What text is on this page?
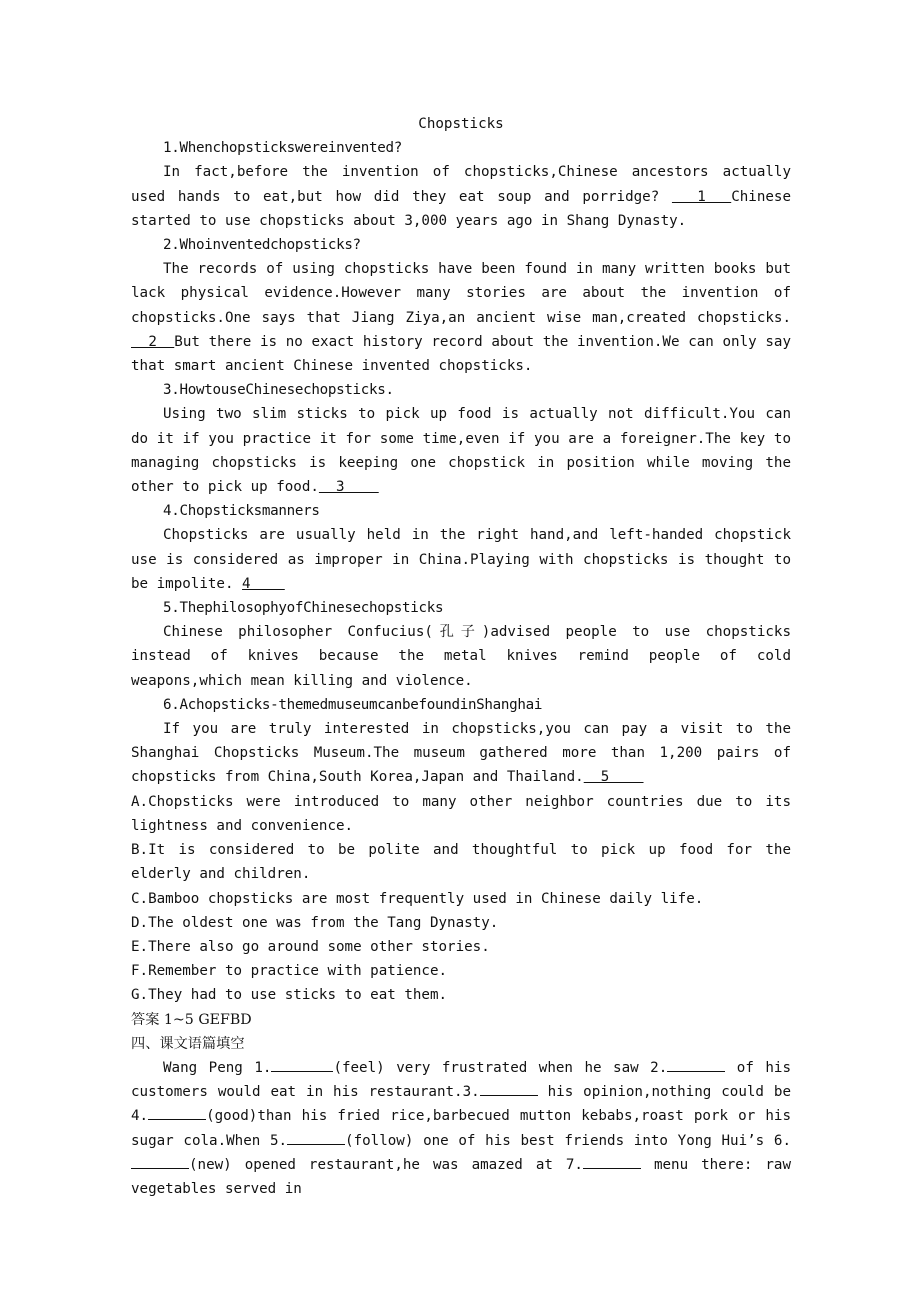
Chopsticks
1.Whenchopstickswereinvented?
In fact,before the invention of chopsticks,Chinese ancestors actually used hands to eat,but how did they eat soup and porridge?   1  Chinese started to use chopsticks about 3,000 years ago in Shang Dynasty.
2.Whoinventedchopsticks?
The records of using chopsticks have been found in many written books but lack physical evidence.However many stories are about the invention of chopsticks.One says that Jiang Ziya,an ancient wise man,created chopsticks.  2  But there is no exact history record about the invention.We can only say that smart ancient Chinese invented chopsticks.
3.HowtouseChinesechopsticks.
Using two slim sticks to pick up food is actually not difficult.You can do it if you practice it for some time,even if you are a foreigner.The key to managing chopsticks is keeping one chopstick in position while moving the other to pick up food.  3
4.Chopsticksmanners
Chopsticks are usually held in the right hand,and left-handed chopstick use is considered as improper in China.Playing with chopsticks is thought to be impolite. 4
5.ThephilosophyofChinesechopsticks
Chinese philosopher Confucius(孔子)advised people to use chopsticks instead of knives because the metal knives remind people of cold weapons,which mean killing and violence.
6.Achopsticks-themedmuseumcanbefoundinShanghai
If you are truly interested in chopsticks,you can pay a visit to the Shanghai Chopsticks Museum.The museum gathered more than 1,200 pairs of chopsticks from China,South Korea,Japan and Thailand.  5
A.Chopsticks were introduced to many other neighbor countries due to its lightness and convenience.
B.It is considered to be polite and thoughtful to pick up food for the elderly and children.
C.Bamboo chopsticks are most frequently used in Chinese daily life.
D.The oldest one was from the Tang Dynasty.
E.There also go around some other stories.
F.Remember to practice with patience.
G.They had to use sticks to eat them.
答案 1~5 GEFBD
四、课文语篇填空
Wang Peng 1.	(feel) very frustrated when he saw 2.	of his customers would eat in his restaurant.3.	his opinion,nothing could be 4.	(good)than his fried rice,barbecued mutton kebabs,roast pork or his sugar cola.When 5.	(follow) one of his best friends into Yong Hui’s 6.(new) opened restaurant,he was amazed at 7.	menu there: raw vegetables served in
